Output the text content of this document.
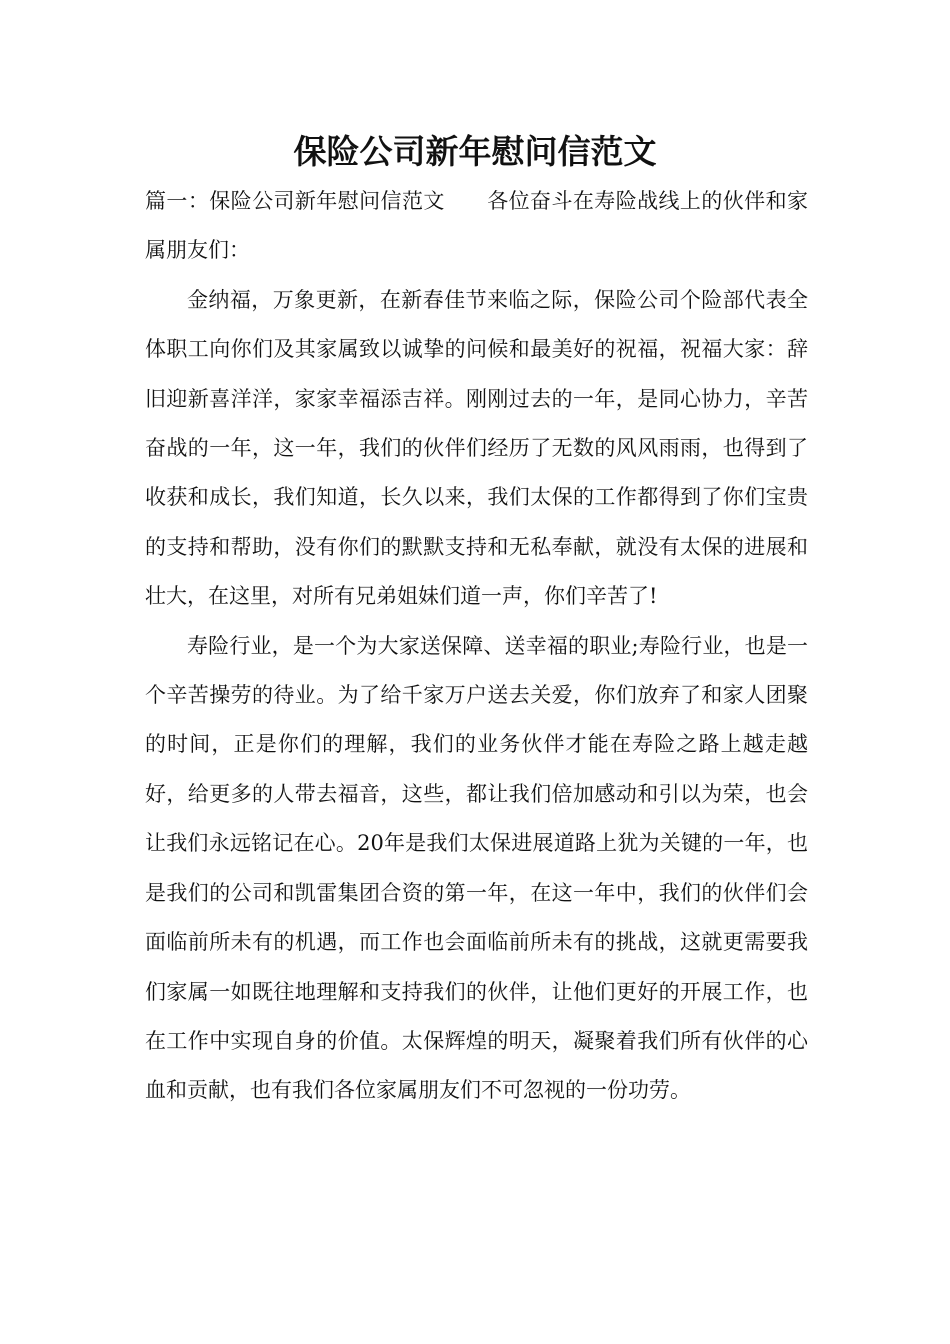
保险公司新年慰问信范文

篇一：保险公司新年慰问信范文 各位奋斗在寿险战线上的伙伴和家属朋友们：

金纳福，万象更新，在新春佳节来临之际，保险公司个险部代表全体职工向你们及其家属致以诚挚的问候和最美好的祝福，祝福大家：辞旧迎新喜洋洋，家家幸福添吉祥。刚刚过去的一年，是同心协力，辛苦奋战的一年，这一年，我们的伙伴们经历了无数的风风雨雨，也得到了收获和成长，我们知道，长久以来，我们太保的工作都得到了你们宝贵的支持和帮助，没有你们的默默支持和无私奉献，就没有太保的进展和壮大，在这里，对所有兄弟姐妹们道一声，你们辛苦了!

寿险行业，是一个为大家送保障、送幸福的职业;寿险行业，也是一个辛苦操劳的待业。为了给千家万户送去关爱，你们放弃了和家人团聚的时间，正是你们的理解，我们的业务伙伴才能在寿险之路上越走越好，给更多的人带去福音，这些，都让我们倍加感动和引以为荣，也会让我们永远铭记在心。20年是我们太保进展道路上犹为关键的一年，也是我们的公司和凯雷集团合资的第一年，在这一年中，我们的伙伴们会面临前所未有的机遇，而工作也会面临前所未有的挑战，这就更需要我们家属一如既往地理解和支持我们的伙伴，让他们更好的开展工作，也在工作中实现自身的价值。太保辉煌的明天，凝聚着我们所有伙伴的心血和贡献，也有我们各位家属朋友们不可忽视的一份功劳。
